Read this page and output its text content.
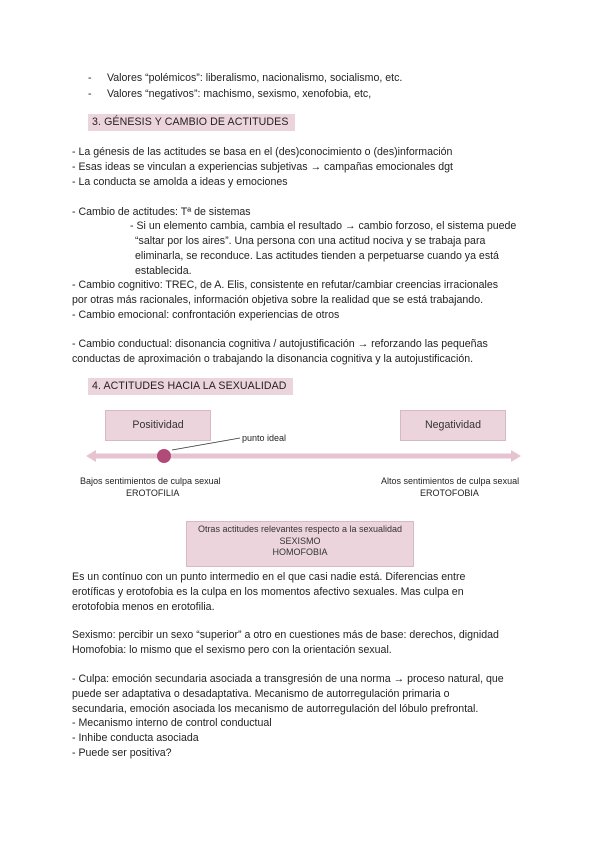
- Valores “polémicos”: liberalismo, nacionalismo, socialismo, etc.
- Valores “negativos”: machismo, sexismo, xenofobia, etc,
3. GÉNESIS Y CAMBIO DE ACTITUDES
- La génesis de las actitudes se basa en el (des)conocimiento o (des)información
- Esas ideas se vinculan a experiencias subjetivas → campañas emocionales dgt
- La conducta se amolda a ideas y emociones
- Cambio de actitudes: Tª de sistemas
- Si un elemento cambia, cambia el resultado → cambio forzoso, el sistema puede
“saltar por los aires”. Una persona con una actitud nociva y se trabaja para
eliminarla, se reconduce. Las actitudes tienden a perpetuarse cuando ya está
establecida.
- Cambio cognitivo: TREC, de A. Elis, consistente en refutar/cambiar creencias irracionales
por otras más racionales, información objetiva sobre la realidad que se está trabajando.
- Cambio emocional: confrontación experiencias de otros
- Cambio conductual: disonancia cognitiva / autojustificación → reforzando las pequeñas
conductas de aproximación o trabajando la disonancia cognitiva y la autojustificación.
4. ACTITUDES HACIA LA SEXUALIDAD
Positividad	Negatividad
punto ideal
Bajos sentimientos de culpa sexual
EROTOFILIA
Altos sentimientos de culpa sexual
EROTOFOBIA
Otras actitudes relevantes respecto a la sexualidad
SEXISMO
HOMOFOBIA
Es un contínuo con un punto intermedio en el que casi nadie está. Diferencias entre
erotíficas y erotofobia es la culpa en los momentos afectivo sexuales. Mas culpa en
erotofobia menos en erotofilia.
Sexismo: percibir un sexo “superior” a otro en cuestiones más de base: derechos, dignidad
Homofobia: lo mismo que el sexismo pero con la orientación sexual.
- Culpa: emoción secundaria asociada a transgresión de una norma → proceso natural, que
puede ser adaptativa o desadaptativa. Mecanismo de autorregulación primaria o
secundaria, emoción asociada los mecanismo de autorregulación del lóbulo prefrontal.
- Mecanismo interno de control conductual
- Inhibe conducta asociada
- Puede ser positiva?
